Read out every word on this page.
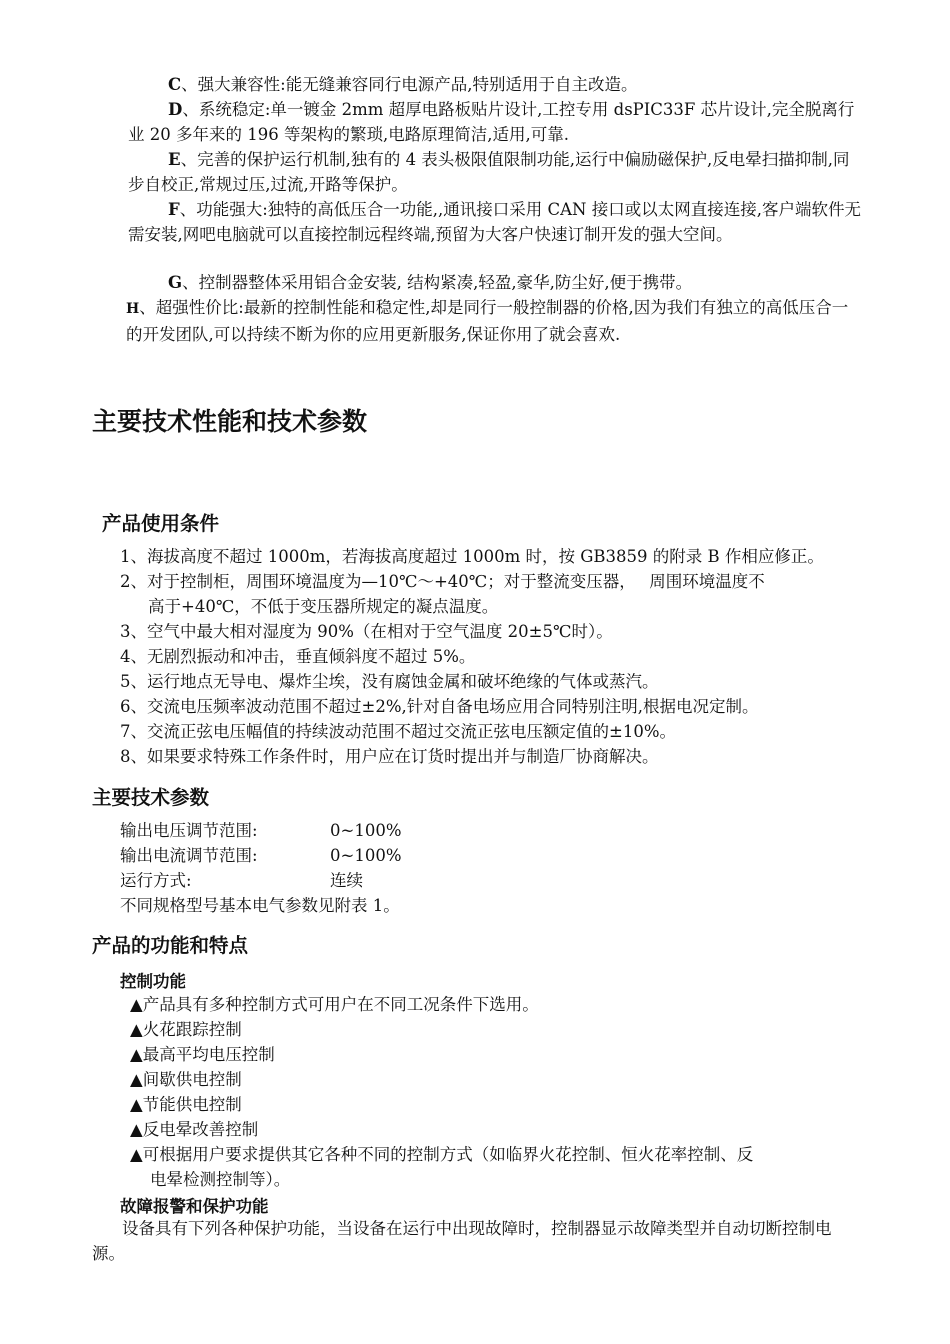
C、强大兼容性:能无缝兼容同行电源产品,特别适用于自主改造。

D、系统稳定:单一镀金 2mm 超厚电路板贴片设计,工控专用 dsPIC33F 芯片设计,完全脱离行业 20 多年来的 196 等架构的繁琐,电路原理简洁,适用,可靠.

E、完善的保护运行机制,独有的 4 表头极限值限制功能,运行中偏励磁保护,反电晕扫描抑制,同步自校正,常规过压,过流,开路等保护。

F、功能强大:独特的高低压合一功能,,通讯接口采用 CAN 接口或以太网直接连接,客户端软件无需安装,网吧电脑就可以直接控制远程终端,预留为大客户快速订制开发的强大空间。

G、控制器整体采用铝合金安装, 结构紧凑,轻盈,豪华,防尘好,便于携带。

H、超强性价比:最新的控制性能和稳定性,却是同行一般控制器的价格,因为我们有独立的高低压合一的开发团队,可以持续不断为你的应用更新服务,保证你用了就会喜欢.

主要技术性能和技术参数
产品使用条件
1、海拔高度不超过 1000m，若海拔高度超过 1000m 时，按 GB3859 的附录 B 作相应修正。
2、对于控制柜，周围环境温度为—10℃～+40℃；对于整流变压器，　 周围环境温度不
高于+40℃，不低于变压器所规定的凝点温度。
3、空气中最大相对湿度为 90%（在相对于空气温度 20±5℃时）。
4、无剧烈振动和冲击，垂直倾斜度不超过 5%。
5、运行地点无导电、爆炸尘埃，没有腐蚀金属和破坏绝缘的气体或蒸汽。
6、交流电压频率波动范围不超过±2%,针对自备电场应用合同特别注明,根据电况定制。
7、交流正弦电压幅值的持续波动范围不超过交流正弦电压额定值的±10%。
8、如果要求特殊工作条件时，用户应在订货时提出并与制造厂协商解决。
主要技术参数
输出电压调节范围:	0~100%
输出电流调节范围:	0~100%
运行方式:	连续
不同规格型号基本电气参数见附表 1。
产品的功能和特点
控制功能
▲产品具有多种控制方式可用户在不同工况条件下选用。
▲火花跟踪控制
▲最高平均电压控制
▲间歇供电控制
▲节能供电控制
▲反电晕改善控制
▲可根据用户要求提供其它各种不同的控制方式（如临界火花控制、恒火花率控制、反
电晕检测控制等）。
故障报警和保护功能

设备具有下列各种保护功能，当设备在运行中出现故障时，控制器显示故障类型并自动切断控制电源。
